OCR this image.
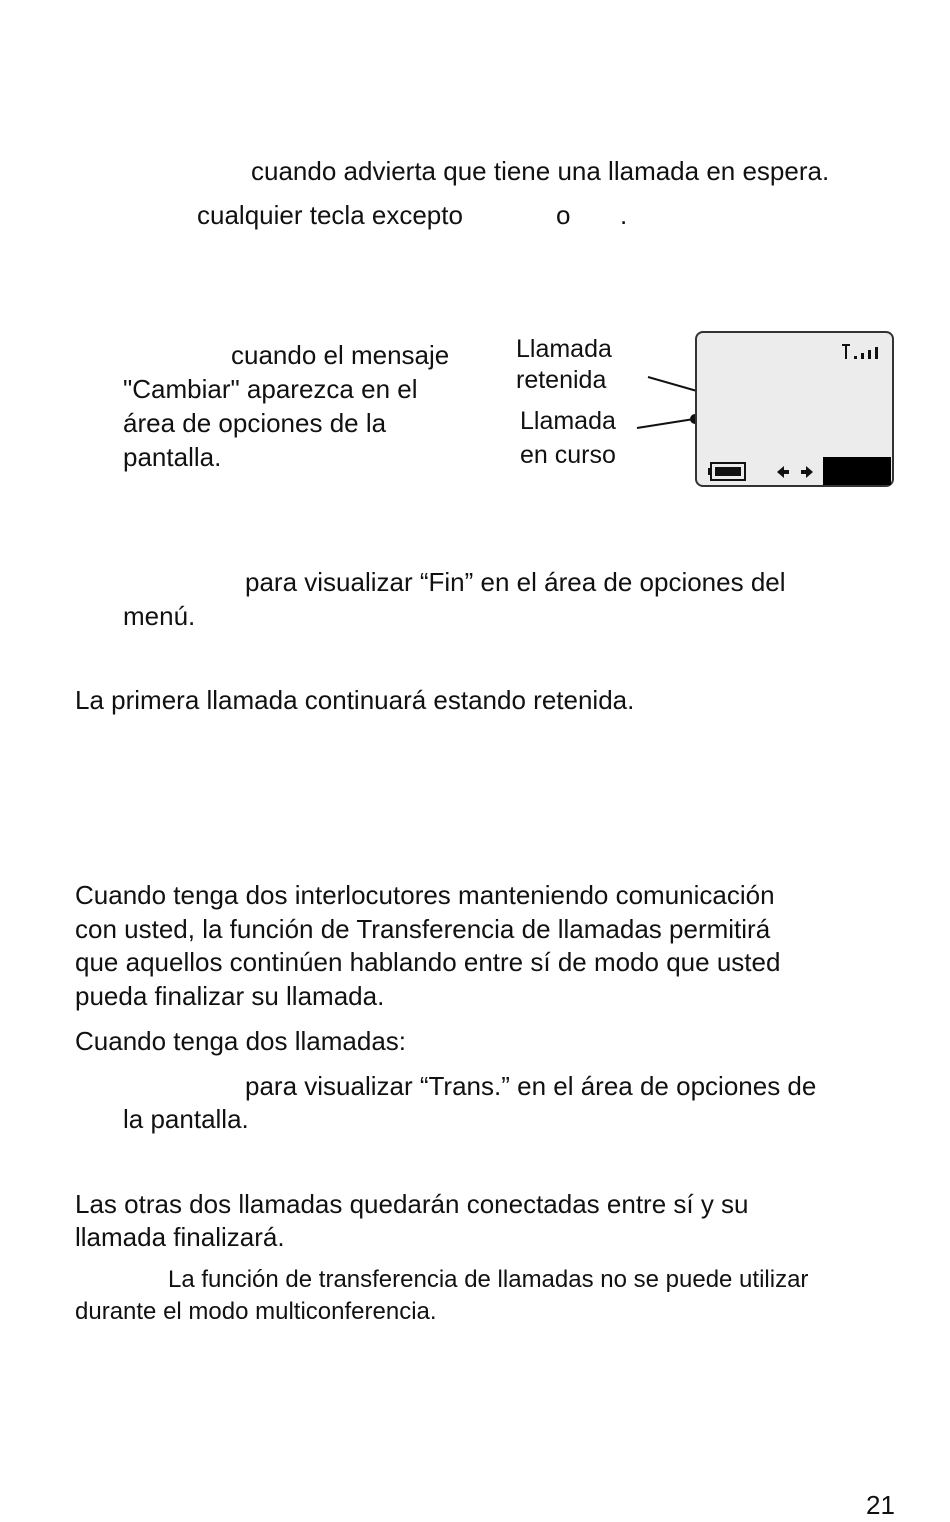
cuando advierta que tiene una llamada en espera.
cualquier tecla excepto	o .
cuando el mensaje
"Cambiar" aparezca en el
área de opciones de la
pantalla.
Llamada
retenida
Llamada
en curso
para visualizar “Fin” en el área de opciones del
menú.
La primera llamada continuará estando retenida.
Cuando tenga dos interlocutores manteniendo comunicación
con usted, la función de Transferencia de llamadas permitirá
que aquellos continúen hablando entre sí de modo que usted
pueda finalizar su llamada.
Cuando tenga dos llamadas:
para visualizar “Trans.” en el área de opciones de
la pantalla.
Las otras dos llamadas quedarán conectadas entre sí y su
llamada finalizará.
La función de transferencia de llamadas no se puede utilizar
durante el modo multiconferencia.
21
